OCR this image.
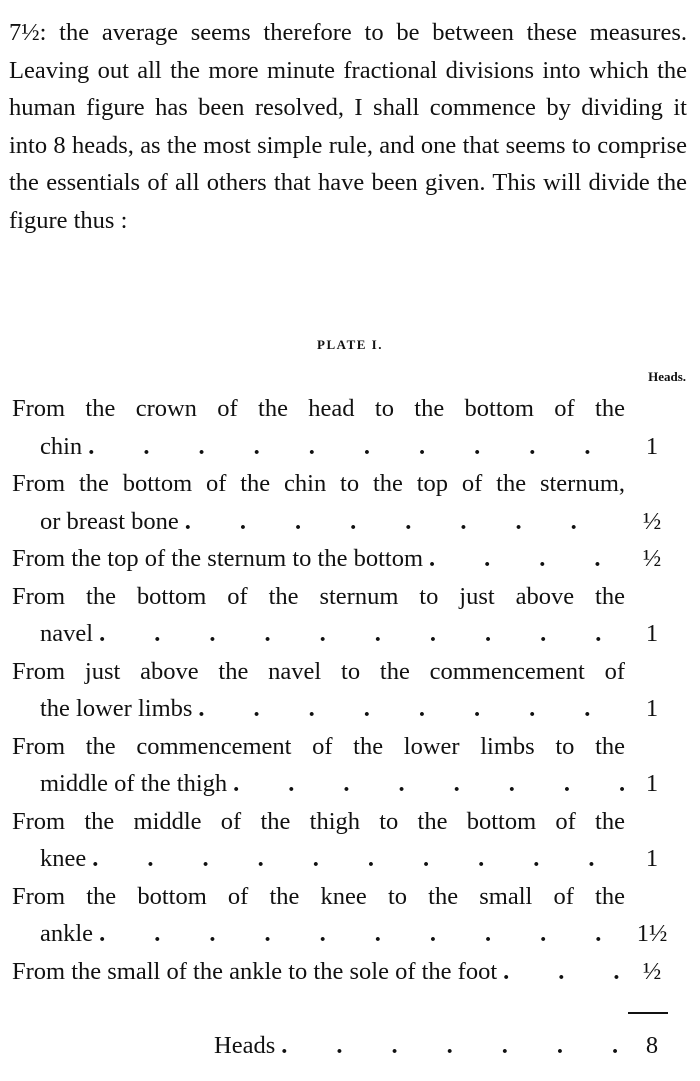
7½: the average seems therefore to be between these measures. Leaving out all the more minute fractional divisions into which the human figure has been resolved, I shall commence by dividing it into 8 heads, as the most simple rule, and one that seems to comprise the essentials of all others that have been given. This will divide the figure thus :

PLATE I.
Heads.
From the crown of the head to the bottom of the
chin .	1
From the bottom of the chin to the top of the sternum,
or breast bone .	½
From the top of the sternum to the bottom .	½
From the bottom of the sternum to just above the
navel .	1
From just above the navel to the commencement of
the lower limbs .	1
From the commencement of the lower limbs to the
middle of the thigh .	1
From the middle of the thigh to the bottom of the
knee .	1
From the bottom of the knee to the small of the
ankle .	1½
From the small of the ankle to the sole of the foot .	½
Heads .	8
